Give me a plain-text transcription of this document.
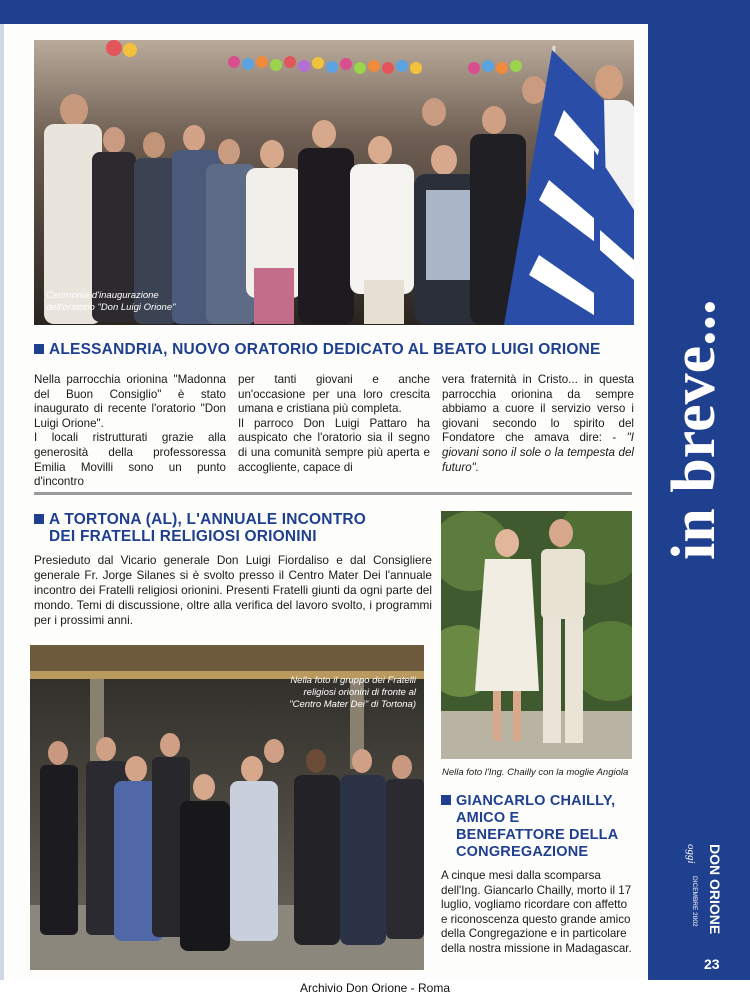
in breve...
DON ORIONE
oggi
DICEMBRE 2002
23
Cerimonia d'inaugurazione
dell'oratorio "Don Luigi Orione"
ALESSANDRIA, NUOVO ORATORIO DEDICATO AL BEATO LUIGI ORIONE

Nella parrocchia orionina "Madonna del Buon Consiglio" è stato inaugurato di recente l'oratorio "Don Luigi Orione".

I locali ristrutturati grazie alla generosità della professoressa Emilia Movilli sono un punto d'incontro

per tanti giovani e anche un'occasione per una loro crescita umana e cristiana più completa.

Il parroco Don Luigi Pattaro ha auspicato che l'oratorio sia il segno di una comunità sempre più aperta e accogliente, capace di

vera fraternità in Cristo... in questa parrocchia orionina da sempre abbiamo a cuore il servizio verso i giovani secondo lo spirito del Fondatore che amava dire: - "I giovani sono il sole o la tempesta del futuro".

A TORTONA (AL), L'ANNUALE INCONTRO
DEI FRATELLI RELIGIOSI ORIONINI

Presieduto dal Vicario generale Don Luigi Fiordaliso e dal Consigliere generale Fr. Jorge Silanes si è svolto presso il Centro Mater Dei l'annuale incontro dei Fratelli religiosi orionini. Presenti Fratelli giunti da ogni parte del mondo. Temi di discussione, oltre alla verifica del lavoro svolto, i programmi per i prossimi anni.

Nella foto il gruppo dei Fratelli
religiosi orionini di fronte al
"Centro Mater Dei" di Tortona)
Nella foto l'Ing. Chailly con la moglie Angiola
GIANCARLO CHAILLY,
AMICO E
BENEFATTORE DELLA
CONGREGAZIONE

A cinque mesi dalla scomparsa dell'Ing. Giancarlo Chailly, morto il 17 luglio, vogliamo ricordare con affetto e riconoscenza questo grande amico della Congregazione e in particolare della nostra missione in Madagascar.

Archivio Don Orione - Roma
